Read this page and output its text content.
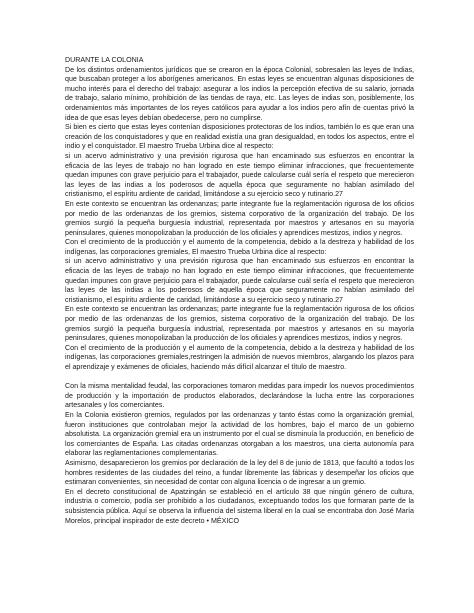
DURANTE LA COLONIA

De los distintos ordenamientos jurídicos que se crearon en la época Colonial, sobresalen las leyes de Indias, que buscaban proteger a los aborígenes americanos. En estas leyes se encuentran algunas disposiciones de mucho interés para el derecho del trabajo: asegurar a los indios la percepción efectiva de su salario, jornada de trabajo, salario mínimo, prohibición de las tiendas de raya, etc. Las leyes de indias son, posiblemente, los ordenamientos más importantes de los reyes católicos para ayudar a los indios pero afín de cuentas privó la idea de que esas leyes debían obedecerse, pero no cumplirse.

Si bien es cierto que estas leyes contenían disposiciones protectoras de los indios, también lo es que eran una creación de los conquistadores y que en realidad existía una gran desigualdad, en todos los aspectos, entre el indio y el conquistador. El maestro Trueba Urbina dice al respecto:

si un acervo administrativo y una previsión rigurosa que han encaminado sus esfuerzos en encontrar la eficacia de las leyes de trabajo no han logrado en este tiempo eliminar infracciones, que frecuentemente quedan impunes con grave perjuicio para el trabajador, puede calcularse cuál sería el respeto que merecieron las leyes de las indias a los poderosos de aquella época que seguramente no habían asimilado del cristianismo, el espíritu ardiente de caridad, limitándose a su ejercicio seco y rutinario.27

En este contexto se encuentran las ordenanzas; parte integrante fue la reglamentación rigurosa de los oficios por medio de las ordenanzas de los gremios, sistema corporativo de la organización del trabajo. De los gremios surgió la pequeña burguesía industrial, representada por maestros y artesanos en su mayoría peninsulares, quienes monopolizaban la producción de los oficiales y aprendices mestizos, indios y negros.

Con el crecimiento de la producción y el aumento de la competencia, debido a la destreza y habilidad de los indígenas, las corporaciones gremiales, El maestro Trueba Urbina dice al respecto:

si un acervo administrativo y una previsión rigurosa que han encaminado sus esfuerzos en encontrar la eficacia de las leyes de trabajo no han logrado en este tiempo eliminar infracciones, que frecuentemente quedan impunes con grave perjuicio para el trabajador, puede calcularse cuál sería el respeto que merecieron las leyes de las indias a los poderosos de aquella época que seguramente no habían asimilado del cristianismo, el espíritu ardiente de caridad, limitándose a su ejercicio seco y rutinario.27

En este contexto se encuentran las ordenanzas; parte integrante fue la reglamentación rigurosa de los oficios por medio de las ordenanzas de los gremios, sistema corporativo de la organización del trabajo. De los gremios surgió la pequeña burguesía industrial, representada por maestros y artesanos en su mayoría peninsulares, quienes monopolizaban la producción de los oficiales y aprendices mestizos, indios y negros.

Con el crecimiento de la producción y el aumento de la competencia, debido a la destreza y habilidad de los indígenas, las corporaciones gremiales,restringen la admisión de nuevos miembros, alargando los plazos para el aprendizaje y exámenes de oficiales, haciendo más difícil alcanzar el título de maestro.

Con la misma mentalidad feudal, las corporaciones tomaron medidas para impedir los nuevos procedimientos de producción y la importación de productos elaborados, declarándose la lucha entre las corporaciones artesanales y los comerciantes.

En la Colonia existieron gremios, regulados por las ordenanzas y tanto éstas como la organización gremial, fueron instituciones que controlaban mejor la actividad de los hombres, bajo el marco de un gobierno absolutista. La organización gremial era un instrumento por el cual se disminuía la producción, en beneficio de los comerciantes de España. Las citadas ordenanzas otorgaban a los maestros, una cierta autonomía para elaborar las reglamentaciones complementarias.

Asimismo, desaparecieron los gremios por declaración de la ley del 8 de junio de 1813, que facultó a todos los hombres residentes de las ciudades del reino, a fundar libremente las fábricas y desempeñar los oficios que estimaran convenientes, sin necesidad de contar con alguna licencia o de ingresar a un gremio.

En el decreto constitucional de Apatzingán se estableció en el artículo 38 que ningún género de cultura, industria o comercio, podía ser prohibido a los ciudadanos, exceptuando todos los que formaran parte de la subsistencia pública. Aquí se observa la influencia del sistema liberal en la cual se encontraba don José María Morelos, principal inspirador de este decreto • MÉXICO
